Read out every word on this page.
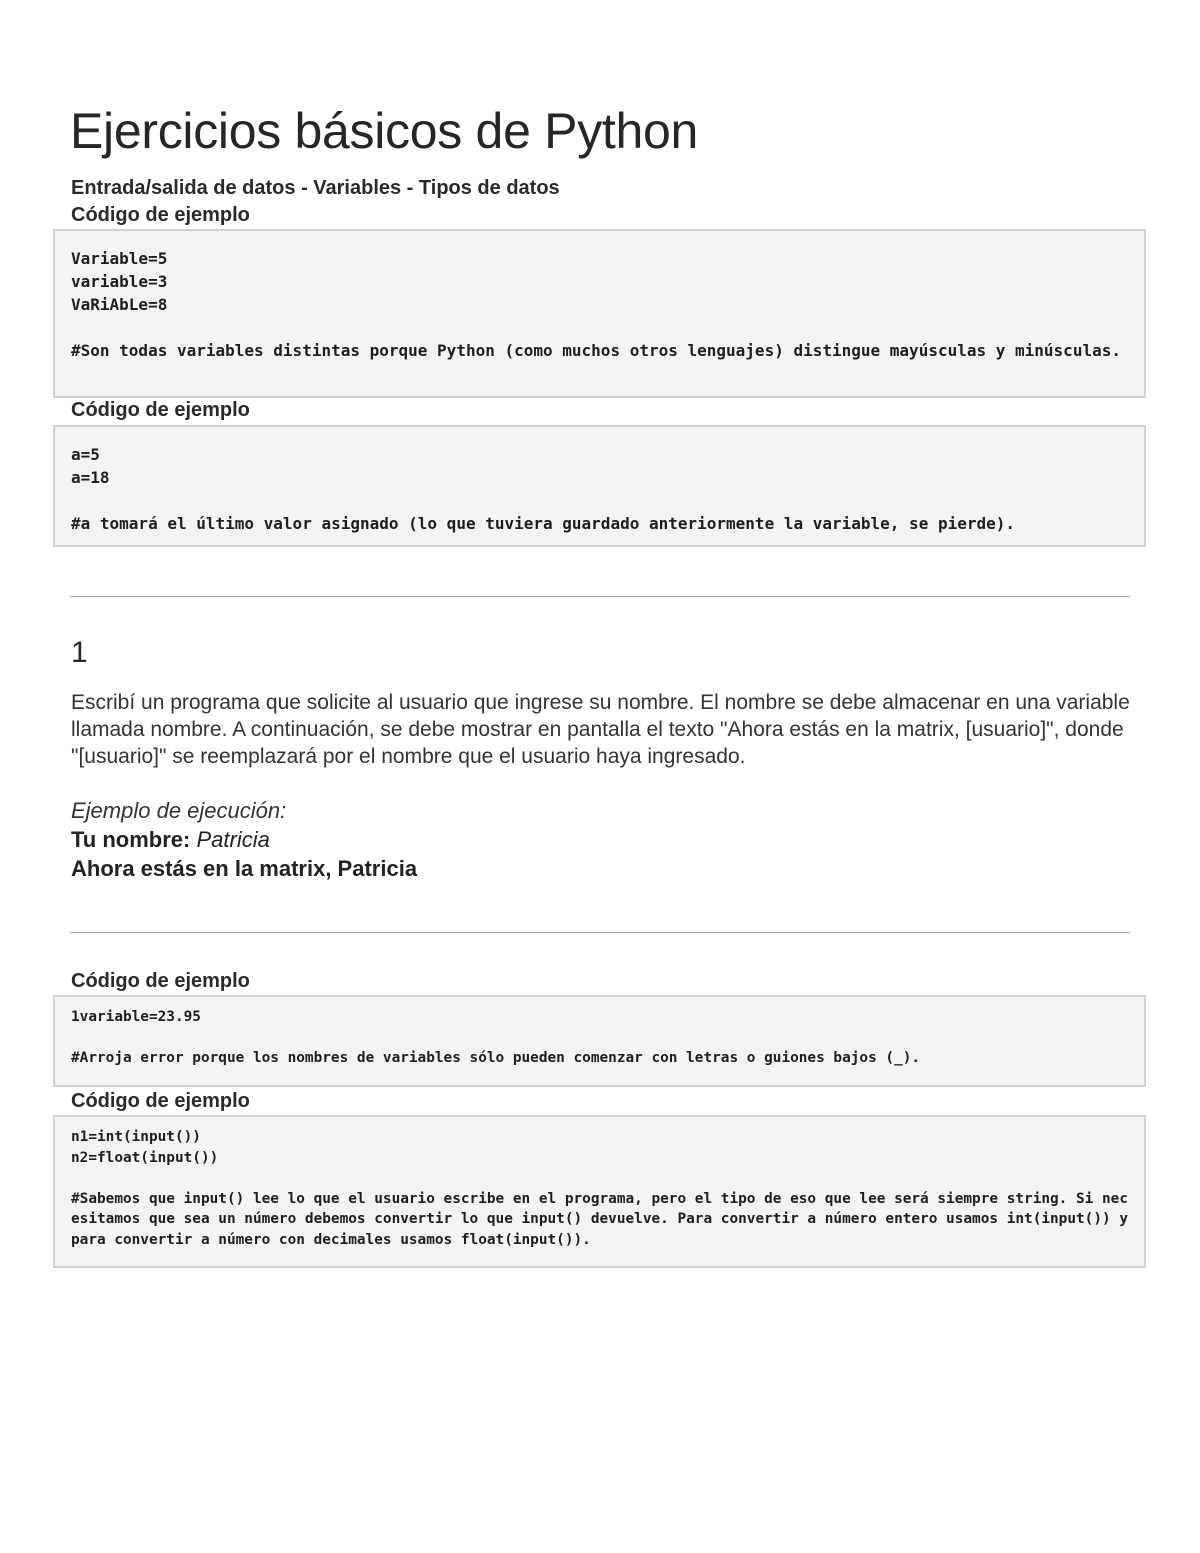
Ejercicios básicos de Python
Entrada/salida de datos - Variables - Tipos de datos
Código de ejemplo
Variable=5
variable=3
VaRiAbLe=8
#Son todas variables distintas porque Python (como muchos otros lenguajes) distingue mayúsculas y minúsculas.
Código de ejemplo
a=5
a=18
#a tomará el último valor asignado (lo que tuviera guardado anteriormente la variable, se pierde).
1

Escribí un programa que solicite al usuario que ingrese su nombre. El nombre se debe almacenar en una variable llamada nombre. A continuación, se debe mostrar en pantalla el texto "Ahora estás en la matrix, [usuario]", donde "[usuario]" se reemplazará por el nombre que el usuario haya ingresado.

Ejemplo de ejecución:
Tu nombre: Patricia
Ahora estás en la matrix, Patricia
Código de ejemplo
1variable=23.95
#Arroja error porque los nombres de variables sólo pueden comenzar con letras o guiones bajos (_).
Código de ejemplo
n1=int(input())
n2=float(input())
#Sabemos que input() lee lo que el usuario escribe en el programa, pero el tipo de eso que lee será siempre string. Si necesitamos que sea un número debemos convertir lo que input() devuelve. Para convertir a número entero usamos int(input()) y para convertir a número con decimales usamos float(input()).
